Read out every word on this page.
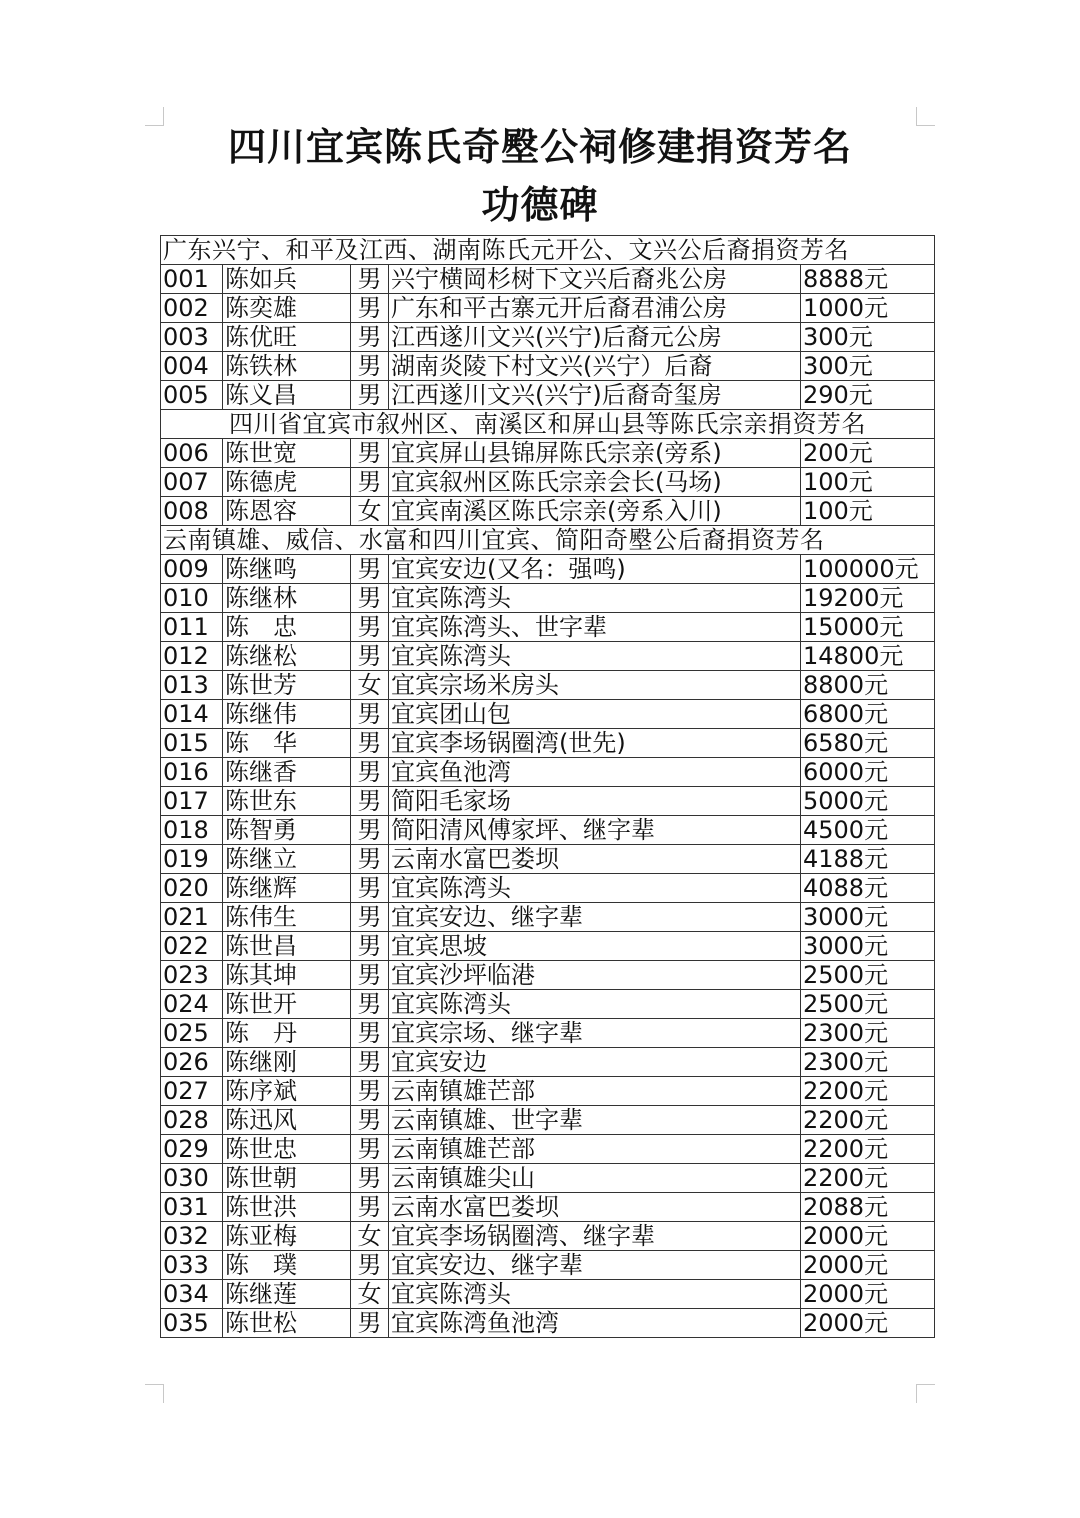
四川宜宾陈氏奇壂公祠修建捐资芳名
功德碑
广东兴宁、和平及江西、湖南陈氏元开公、文兴公后裔捐资芳名				
001	陈如兵	男	兴宁横岡杉树下文兴后裔兆公房	8888元
002	陈奕雄	男	广东和平古寨元开后裔君浦公房	1000元
003	陈优旺	男	江西遂川文兴(兴宁)后裔元公房	300元
004	陈铁林	男	湖南炎陵下村文兴(兴宁）后裔	300元
005	陈义昌	男	江西遂川文兴(兴宁)后裔奇玺房	290元
四川省宜宾市叙州区、南溪区和屏山县等陈氏宗亲捐资芳名				
006	陈世宽	男	宜宾屏山县锦屏陈氏宗亲(旁系)	200元
007	陈德虎	男	宜宾叙州区陈氏宗亲会长(马场)	100元
008	陈恩容	女	宜宾南溪区陈氏宗亲(旁系入川)	100元
云南镇雄、威信、水富和四川宜宾、简阳奇壂公后裔捐资芳名				
009	陈继鸣	男	宜宾安边(又名：强鸣)	100000元
010	陈继林	男	宜宾陈湾头	19200元
011	陈　忠	男	宜宾陈湾头、世字辈	15000元
012	陈继松	男	宜宾陈湾头	14800元
013	陈世芳	女	宜宾宗场米房头	8800元
014	陈继伟	男	宜宾团山包	6800元
015	陈　华	男	宜宾李场锅圈湾(世先)	6580元
016	陈继香	男	宜宾鱼池湾	6000元
017	陈世东	男	简阳毛家场	5000元
018	陈智勇	男	简阳清风傅家坪、继字辈	4500元
019	陈继立	男	云南水富巴娄坝	4188元
020	陈继辉	男	宜宾陈湾头	4088元
021	陈伟生	男	宜宾安边、继字辈	3000元
022	陈世昌	男	宜宾思坡	3000元
023	陈其坤	男	宜宾沙坪临港	2500元
024	陈世开	男	宜宾陈湾头	2500元
025	陈　丹	男	宜宾宗场、继字辈	2300元
026	陈继刚	男	宜宾安边	2300元
027	陈序斌	男	云南镇雄芒部	2200元
028	陈迅风	男	云南镇雄、世字辈	2200元
029	陈世忠	男	云南镇雄芒部	2200元
030	陈世朝	男	云南镇雄尖山	2200元
031	陈世洪	男	云南水富巴娄坝	2088元
032	陈亚梅	女	宜宾李场锅圈湾、继字辈	2000元
033	陈　璞	男	宜宾安边、继字辈	2000元
034	陈继莲	女	宜宾陈湾头	2000元
035	陈世松	男	宜宾陈湾鱼池湾	2000元
